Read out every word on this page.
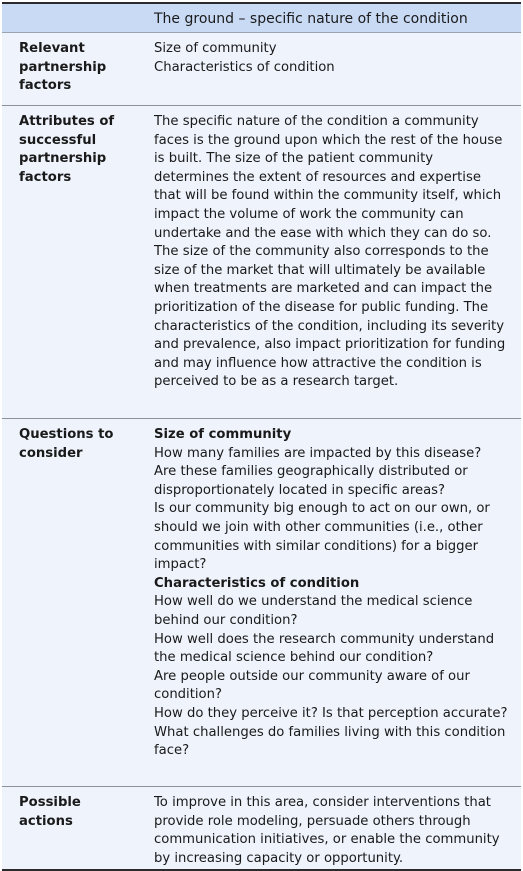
The ground – specific nature of the condition
Relevant partnership factors

Size of community

Characteristics of condition

Attributes of successful partnership factors

The specific nature of the condition a community faces is the ground upon which the rest of the house is built. The size of the patient community determines the extent of resources and expertise that will be found within the community itself, which impact the volume of work the community can undertake and the ease with which they can do so. The size of the community also corresponds to the size of the market that will ultimately be available when treatments are marketed and can impact the prioritization of the disease for public funding. The characteristics of the condition, including its severity and prevalence, also impact prioritization for funding and may influence how attractive the condition is perceived to be as a research target.

Questions to consider

Size of community

How many families are impacted by this disease?

Are these families geographically distributed or disproportionately located in specific areas?

Is our community big enough to act on our own, or should we join with other communities (i.e., other communities with similar conditions) for a bigger impact?

Characteristics of condition

How well do we understand the medical science behind our condition?

How well does the research community understand the medical science behind our condition?

Are people outside our community aware of our condition?

How do they perceive it? Is that perception accurate?

What challenges do families living with this condition face?

Possible actions

To improve in this area, consider interventions that provide role modeling, persuade others through communication initiatives, or enable the community by increasing capacity or opportunity.
